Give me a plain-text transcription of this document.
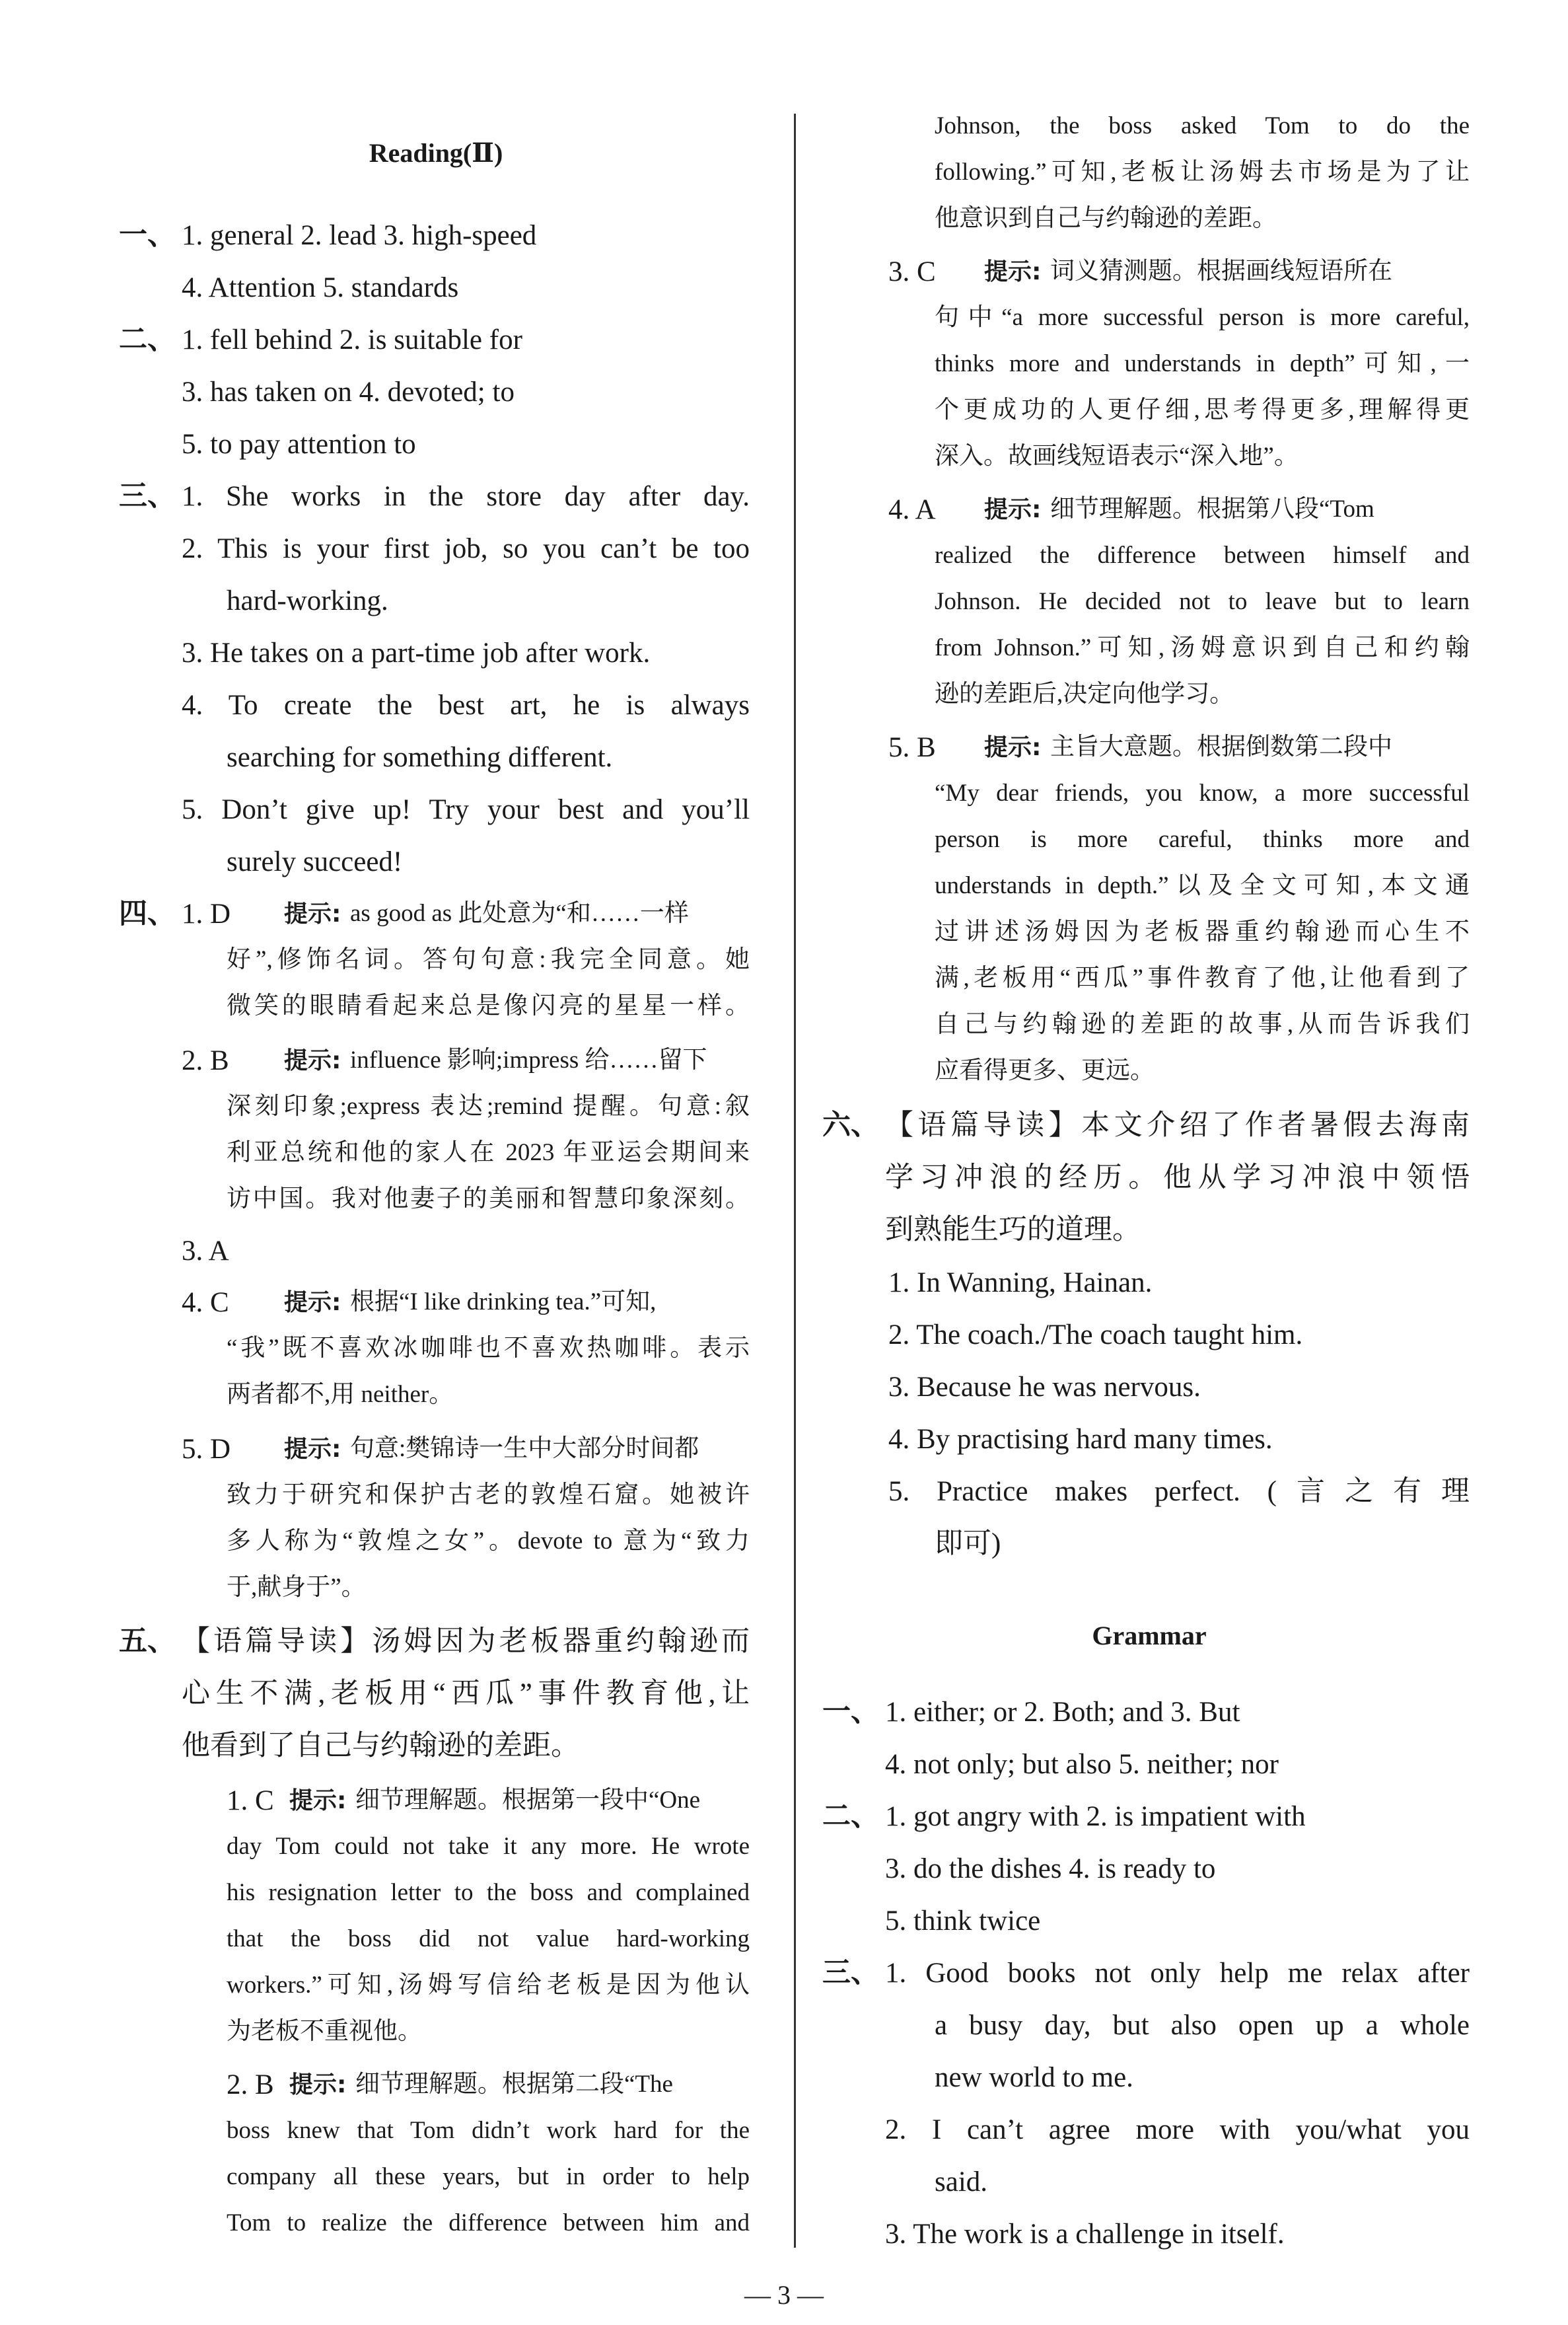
Reading(Ⅱ)
一、 1. general 2. lead 3. high-speed
4. Attention 5. standards
二、 1. fell behind 2. is suitable for
3. has taken on 4. devoted; to
5. to pay attention to
三、 1. She works in the store day after day.
2. This is your first job, so you can’t be too
hard-working.
3. He takes on a part-time job after work.
4. To create the best art, he is always
searching for something different.
5. Don’t give up! Try your best and you’ll
surely succeed!
四、 1. D 提示: as good as 此处意为“和……一样
好”,修饰名词。答句句意:我完全同意。她
微笑的眼睛看起来总是像闪亮的星星一样。
2. B 提示: influence 影响;impress 给……留下
深刻印象;express 表达;remind 提醒。句意:叙
利亚总统和他的家人在 2023 年亚运会期间来
访中国。我对他妻子的美丽和智慧印象深刻。
3. A
4. C 提示: 根据“I like drinking tea.”可知,
“我”既不喜欢冰咖啡也不喜欢热咖啡。表示
两者都不,用 neither。
5. D 提示: 句意:樊锦诗一生中大部分时间都
致力于研究和保护古老的敦煌石窟。她被许
多人称为“敦煌之女”。devote to 意为“致力
于,献身于”。
五、 【语篇导读】汤姆因为老板器重约翰逊而
心生不满,老板用“西瓜”事件教育他,让
他看到了自己与约翰逊的差距。
1. C 提示: 细节理解题。根据第一段中“One
day Tom could not take it any more. He wrote
his resignation letter to the boss and complained
that the boss did not value hard-working
workers.”可知,汤姆写信给老板是因为他认
为老板不重视他。
2. B 提示: 细节理解题。根据第二段“The
boss knew that Tom didn’t work hard for the
company all these years, but in order to help
Tom to realize the difference between him and
Johnson, the boss asked Tom to do the
following.”可知,老板让汤姆去市场是为了让
他意识到自己与约翰逊的差距。
3. C 提示: 词义猜测题。根据画线短语所在
句中“a more successful person is more careful,
thinks more and understands in depth”可知,一
个更成功的人更仔细,思考得更多,理解得更
深入。故画线短语表示“深入地”。
4. A 提示: 细节理解题。根据第八段“Tom
realized the difference between himself and
Johnson. He decided not to leave but to learn
from Johnson.”可知,汤姆意识到自己和约翰
逊的差距后,决定向他学习。
5. B 提示: 主旨大意题。根据倒数第二段中
“My dear friends, you know, a more successful
person is more careful, thinks more and
understands in depth.”以及全文可知,本文通
过讲述汤姆因为老板器重约翰逊而心生不
满,老板用“西瓜”事件教育了他,让他看到了
自己与约翰逊的差距的故事,从而告诉我们
应看得更多、更远。
六、 【语篇导读】本文介绍了作者暑假去海南
学习冲浪的经历。他从学习冲浪中领悟
到熟能生巧的道理。
1. In Wanning, Hainan.
2. The coach./The coach taught him.
3. Because he was nervous.
4. By practising hard many times.
5. Practice makes perfect. (言之有理
即可)
Grammar
一、 1. either; or 2. Both; and 3. But
4. not only; but also 5. neither; nor
二、 1. got angry with 2. is impatient with
3. do the dishes 4. is ready to
5. think twice
三、 1. Good books not only help me relax after
a busy day, but also open up a whole
new world to me.
2. I can’t agree more with you/what you
said.
3. The work is a challenge in itself.
— 3 —
